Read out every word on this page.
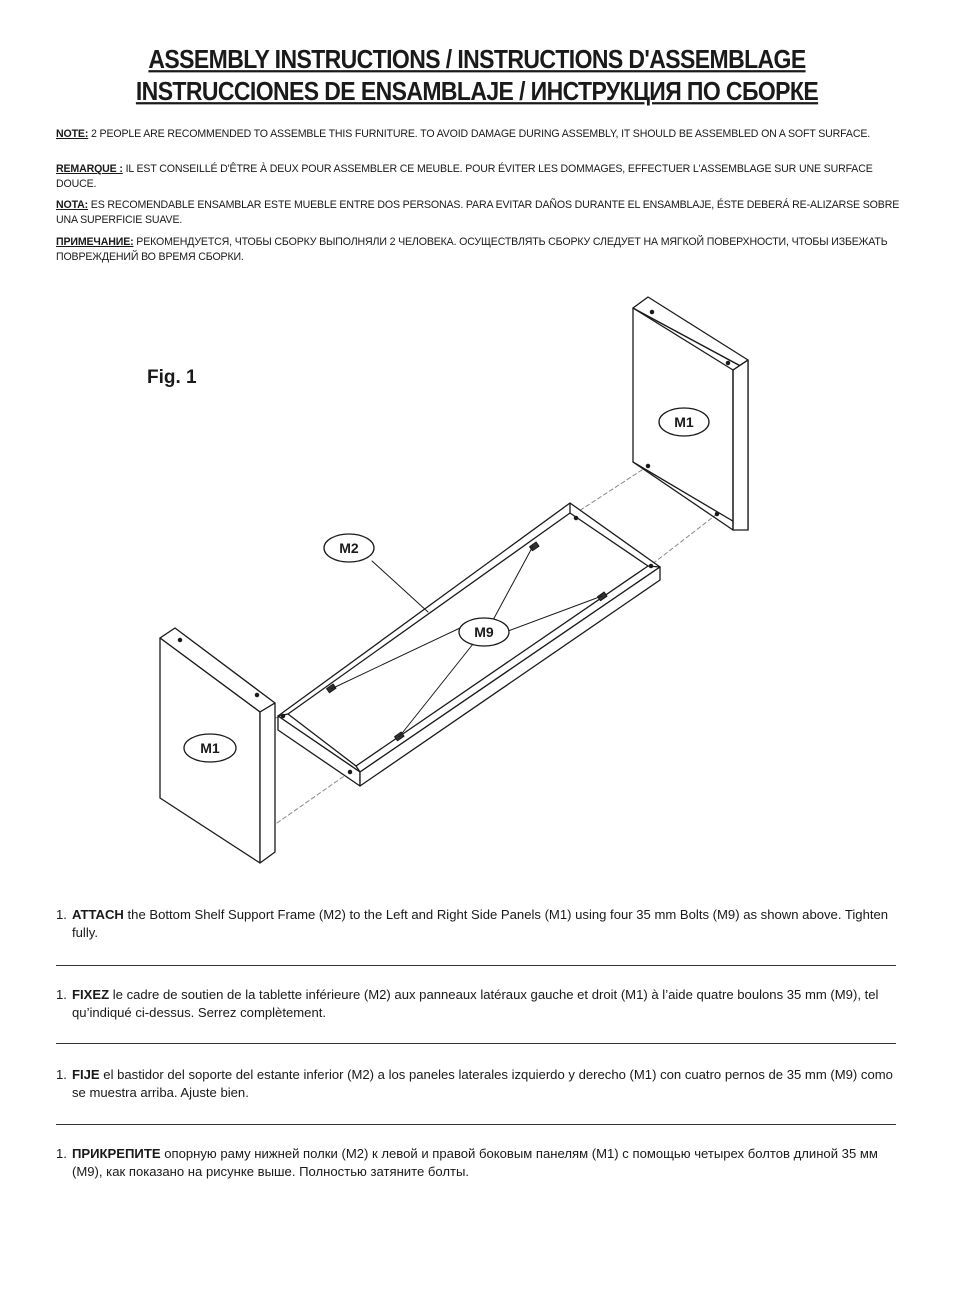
ASSEMBLY INSTRUCTIONS / INSTRUCTIONS D'ASSEMBLAGE
INSTRUCCIONES DE ENSAMBLAJE / ИНСТРУКЦИЯ ПО СБОРКЕ
NOTE: 2 PEOPLE ARE RECOMMENDED TO ASSEMBLE THIS FURNITURE. TO AVOID DAMAGE DURING ASSEMBLY, IT SHOULD BE ASSEMBLED ON A SOFT SURFACE.
REMARQUE : IL EST CONSEILLÉ D'ÊTRE À DEUX POUR ASSEMBLER CE MEUBLE. POUR ÉVITER LES DOMMAGES, EFFECTUER L'ASSEMBLAGE SUR UNE SURFACE DOUCE.
NOTA: ES RECOMENDABLE ENSAMBLAR ESTE MUEBLE ENTRE DOS PERSONAS. PARA EVITAR DAÑOS DURANTE EL ENSAMBLAJE, ÉSTE DEBERÁ RE-ALIZARSE SOBRE UNA SUPERFICIE SUAVE.
ПРИМЕЧАНИЕ: РЕКОМЕНДУЕТСЯ, ЧТОБЫ СБОРКУ ВЫПОЛНЯЛИ 2 ЧЕЛОВЕКА. ОСУЩЕСТВЛЯТЬ СБОРКУ СЛЕДУЕТ НА МЯГКОЙ ПОВЕРХНОСТИ, ЧТОБЫ ИЗБЕЖАТЬ ПОВРЕЖДЕНИЙ ВО ВРЕМЯ СБОРКИ.
Fig. 1
M1
M2
M9
M1
1. ATTACH the Bottom Shelf Support Frame (M2) to the Left and Right Side Panels (M1) using four 35 mm Bolts (M9) as shown above. Tighten fully.
1. FIXEZ le cadre de soutien de la tablette inférieure (M2) aux panneaux latéraux gauche et droit (M1) à l’aide quatre boulons 35 mm (M9), tel qu’indiqué ci-dessus. Serrez complètement.
1. FIJE el bastidor del soporte del estante inferior (M2) a los paneles laterales izquierdo y derecho (M1) con cuatro pernos de 35 mm (M9) como se muestra arriba. Ajuste bien.
1. ПРИКРЕПИТЕ опорную раму нижней полки (M2) к левой и правой боковым панелям (M1) с помощью четырех болтов длиной 35 мм (M9), как показано на рисунке выше. Полностью затяните болты.
